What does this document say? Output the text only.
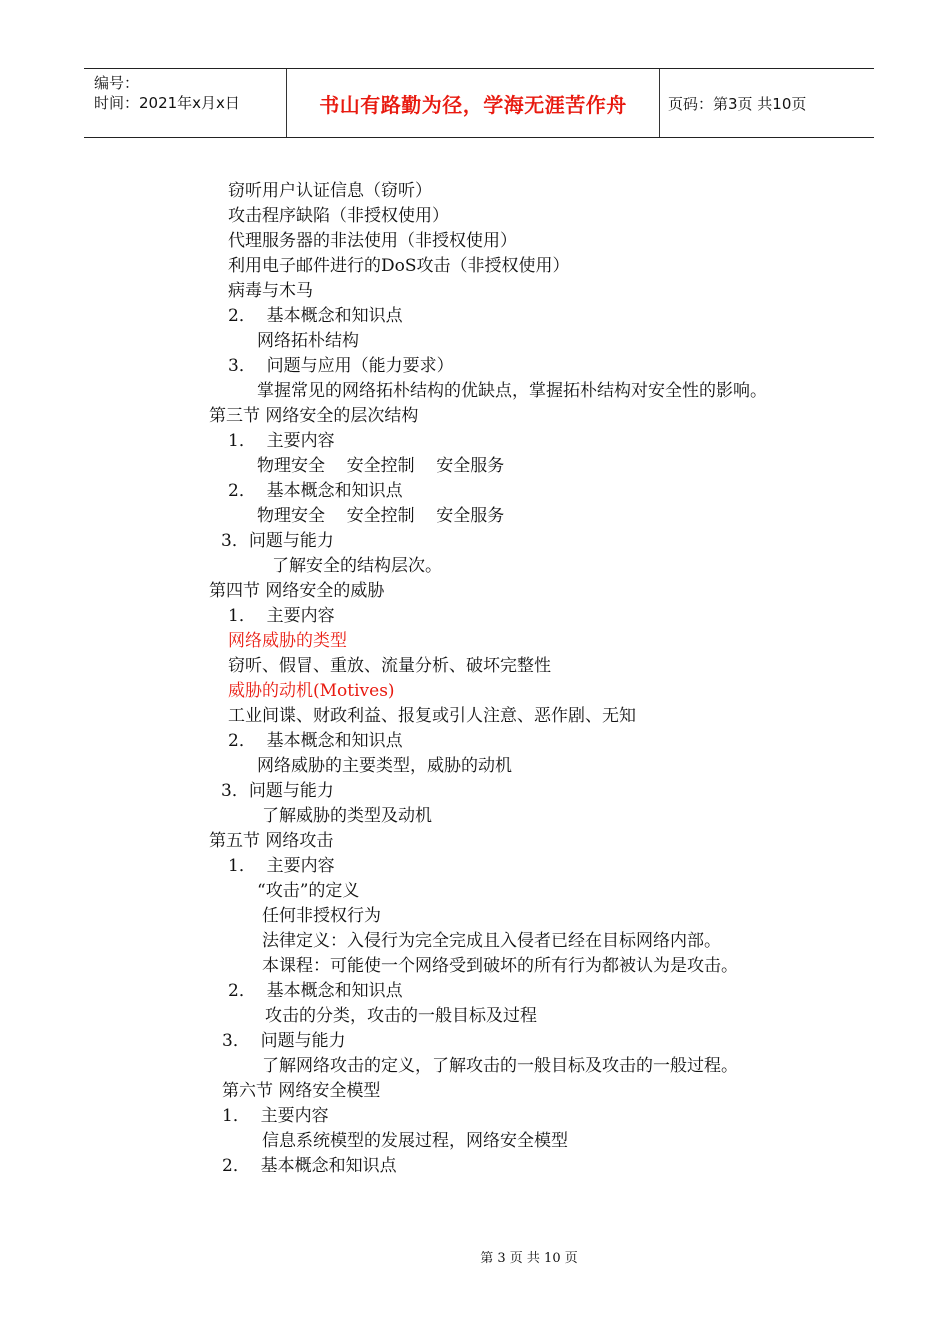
编号：
时间：2021年x月x日	书山有路勤为径，学海无涯苦作舟	页码：第3页 共10页
窃听用户认证信息（窃听）
攻击程序缺陷（非授权使用）
代理服务器的非法使用（非授权使用）
利用电子邮件进行的DoS攻击（非授权使用）
病毒与木马
2．  基本概念和知识点
网络拓朴结构
3．  问题与应用（能力要求）
掌握常见的网络拓朴结构的优缺点，掌握拓朴结构对安全性的影响。
第三节 网络安全的层次结构
1．  主要内容
物理安全    安全控制    安全服务
2．  基本概念和知识点
物理安全    安全控制    安全服务
3．问题与能力
了解安全的结构层次。
第四节 网络安全的威胁
1．  主要内容
网络威胁的类型
窃听、假冒、重放、流量分析、破坏完整性
威胁的动机(Motives)
工业间谍、财政利益、报复或引人注意、恶作剧、无知
2．  基本概念和知识点
网络威胁的主要类型，威胁的动机
3．问题与能力
了解威胁的类型及动机
第五节 网络攻击
1．  主要内容
“攻击”的定义
任何非授权行为
法律定义：入侵行为完全完成且入侵者已经在目标网络内部。
本课程：可能使一个网络受到破坏的所有行为都被认为是攻击。
2．  基本概念和知识点
攻击的分类，攻击的一般目标及过程
3．  问题与能力
了解网络攻击的定义，了解攻击的一般目标及攻击的一般过程。
第六节 网络安全模型
1．  主要内容
信息系统模型的发展过程，网络安全模型
2．  基本概念和知识点
第 3 页 共 10 页
